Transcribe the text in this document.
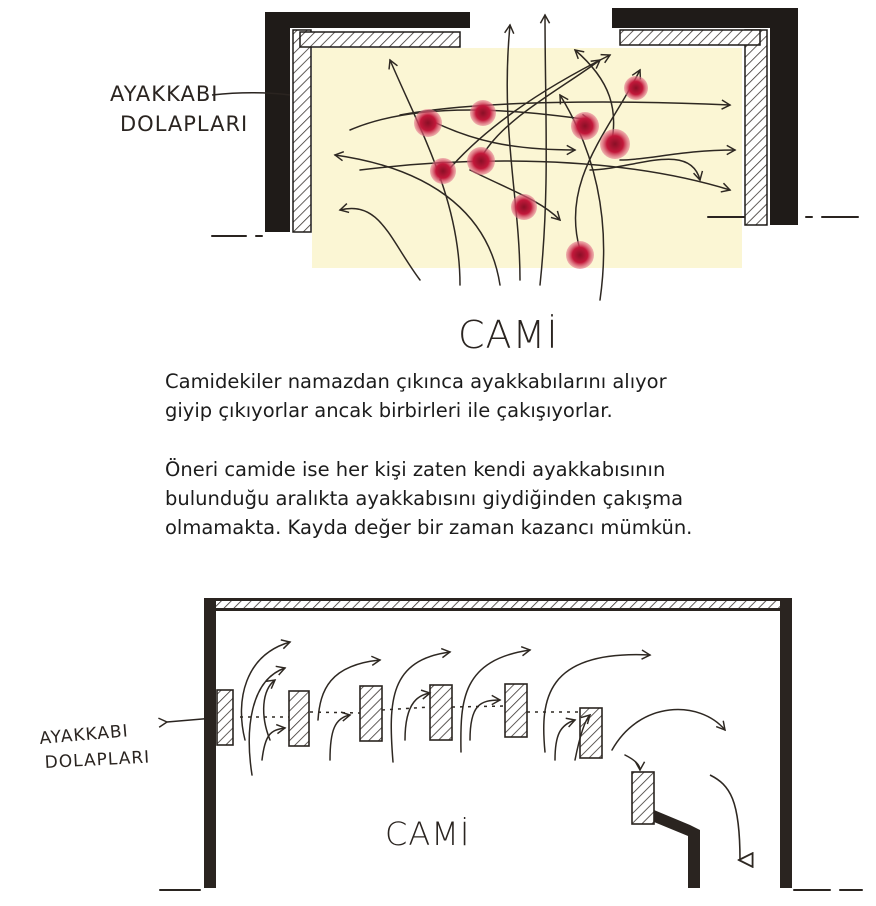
AYAKKABI
DOLAPLARI
CAMİ
AYAKKABI
DOLAPLARI
CAMİ

Camidekiler namazdan çıkınca ayakkabılarını alıyor
giyip çıkıyorlar ancak birbirleri ile çakışıyorlar.

Öneri camide ise her kişi zaten kendi ayakkabısının
bulunduğu aralıkta ayakkabısını giydiğinden çakışma
olmamakta. Kayda değer bir zaman kazancı mümkün.
